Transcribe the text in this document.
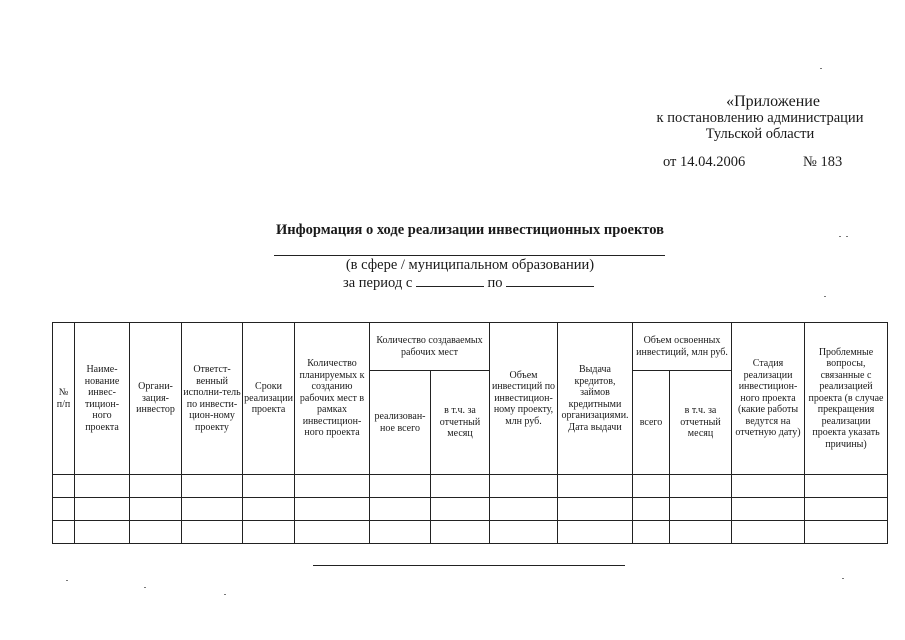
«Приложение
к постановлению администрации
Тульской области
от 14.04.2006	№ 183
Информация о ходе реализации инвестиционных проектов
(в сфере / муниципальном образовании)
за период с	по
№ п/п	Наиме-нование инвес-тицион-ного проекта	Органи-зация-инвестор	Ответст-венный исполни-тель по инвести-цион-ному проекту	Сроки реализации проекта	Количество планируемых к созданию рабочих мест в рамках инвестицион-ного проекта	Количество создаваемых рабочих мест		Объем инвестиций по инвестицион-ному проекту, млн руб.	Выдача кредитов, займов кредитными организациями. Дата выдачи	Объем освоенных инвестиций, млн руб.		Стадия реализации инвестицион-ного проекта (какие работы ведутся на отчетную дату)	Проблемные вопросы, связанные с реализацией проекта (в случае прекращения реализации проекта указать причины)
						реализован-ное всего	в т.ч. за отчетный месяц			всего	в т.ч. за отчетный месяц		
